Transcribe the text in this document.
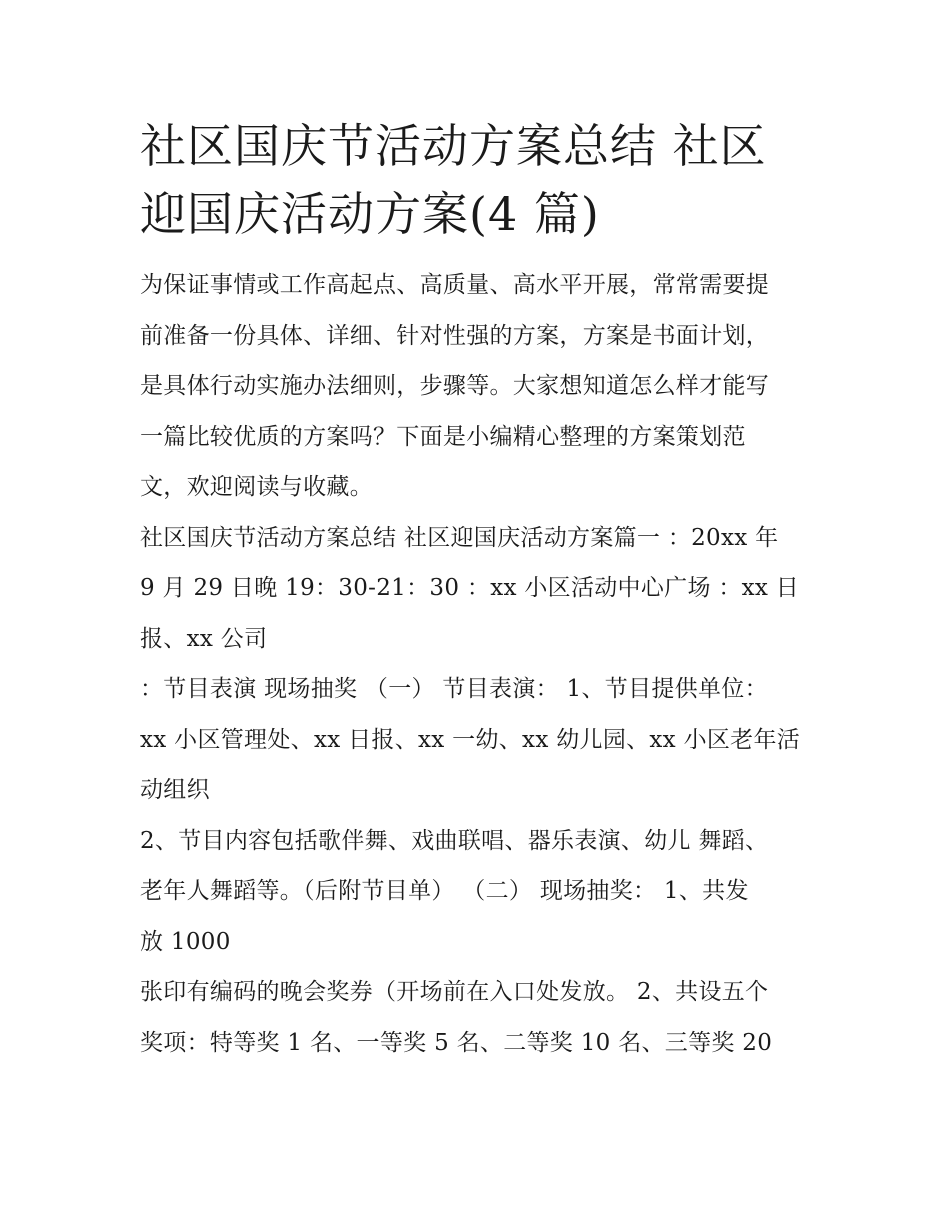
社区国庆节活动方案总结 社区
迎国庆活动方案(4 篇)

为保证事情或工作高起点、高质量、高水平开展，常常需要提
前准备一份具体、详细、针对性强的方案，方案是书面计划，
是具体行动实施办法细则，步骤等。大家想知道怎么样才能写
一篇比较优质的方案吗？下面是小编精心整理的方案策划范
文，欢迎阅读与收藏。

社区国庆节活动方案总结 社区迎国庆活动方案篇一 ：20xx 年
9 月 29 日晚 19：30-21：30 ：xx 小区活动中心广场 ：xx 日
报、xx 公司

：节目表演 现场抽奖 （一） 节目表演： 1、节目提供单位：
xx 小区管理处、xx 日报、xx 一幼、xx 幼儿园、xx 小区老年活
动组织

2、节目内容包括歌伴舞、戏曲联唱、器乐表演、幼儿 舞蹈、
老年人舞蹈等。（后附节目单） （二） 现场抽奖： 1、共发
放 1000

张印有编码的晚会奖券（开场前在入口处发放。 2、共设五个
奖项：特等奖 1 名、一等奖 5 名、二等奖 10 名、三等奖 20
